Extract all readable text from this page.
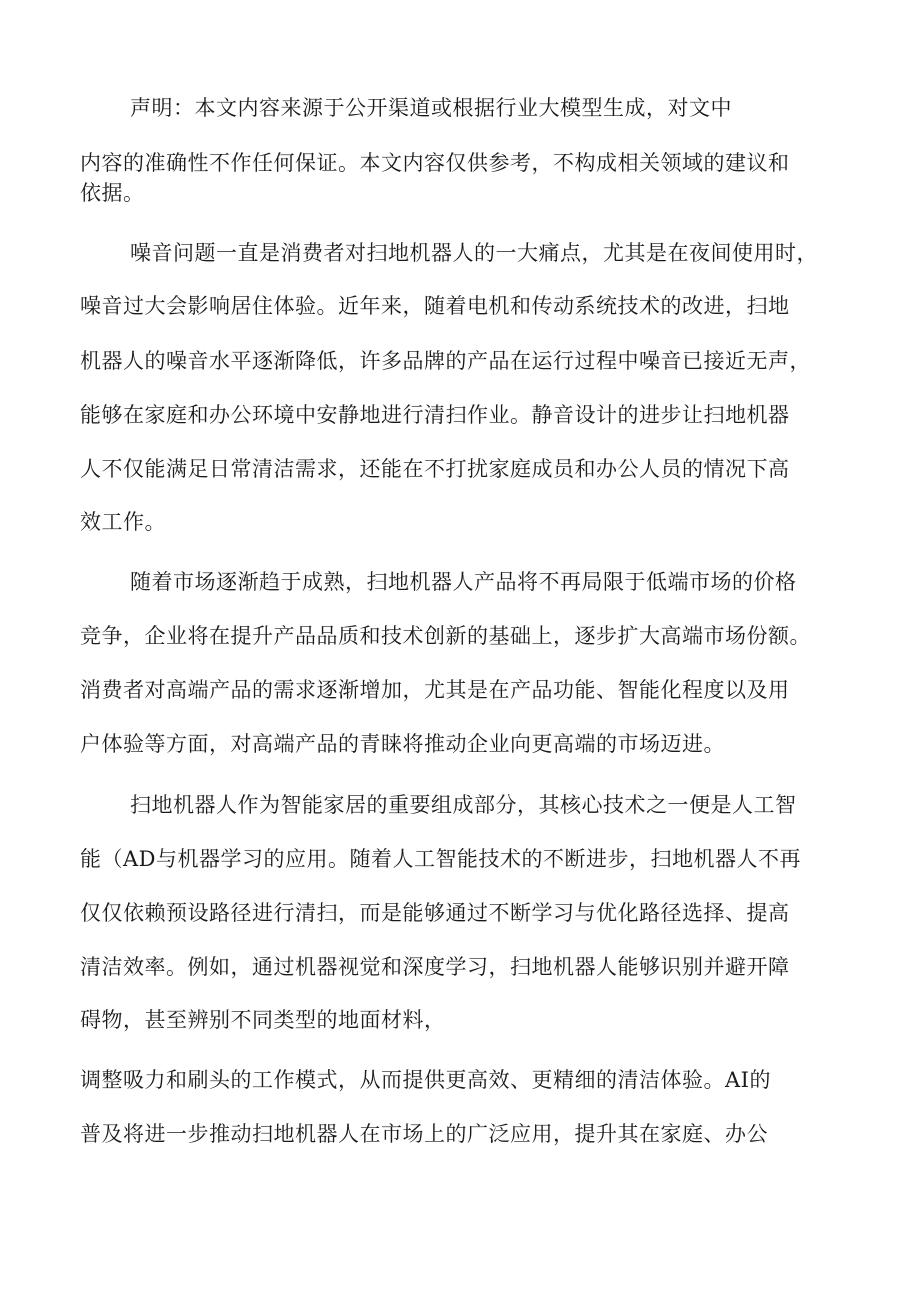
声明：本文内容来源于公开渠道或根据行业大模型生成，对文中
内容的准确性不作任何保证。本文内容仅供参考，不构成相关领域的建议和
依据。
噪音问题一直是消费者对扫地机器人的一大痛点，尤其是在夜间使用时，
噪音过大会影响居住体验。近年来，随着电机和传动系统技术的改进，扫地
机器人的噪音水平逐渐降低，许多品牌的产品在运行过程中噪音已接近无声，
能够在家庭和办公环境中安静地进行清扫作业。静音设计的进步让扫地机器
人不仅能满足日常清洁需求，还能在不打扰家庭成员和办公人员的情况下高
效工作。
随着市场逐渐趋于成熟，扫地机器人产品将不再局限于低端市场的价格
竞争，企业将在提升产品品质和技术创新的基础上，逐步扩大高端市场份额。
消费者对高端产品的需求逐渐增加，尤其是在产品功能、智能化程度以及用
户体验等方面，对高端产品的青睐将推动企业向更高端的市场迈进。
扫地机器人作为智能家居的重要组成部分，其核心技术之一便是人工智
能（AD与机器学习的应用。随着人工智能技术的不断进步，扫地机器人不再
仅仅依赖预设路径进行清扫，而是能够通过不断学习与优化路径选择、提高
清洁效率。例如，通过机器视觉和深度学习，扫地机器人能够识别并避开障
碍物，甚至辨别不同类型的地面材料，
调整吸力和刷头的工作模式，从而提供更高效、更精细的清洁体验。AI的
普及将进一步推动扫地机器人在市场上的广泛应用，提升其在家庭、办公
